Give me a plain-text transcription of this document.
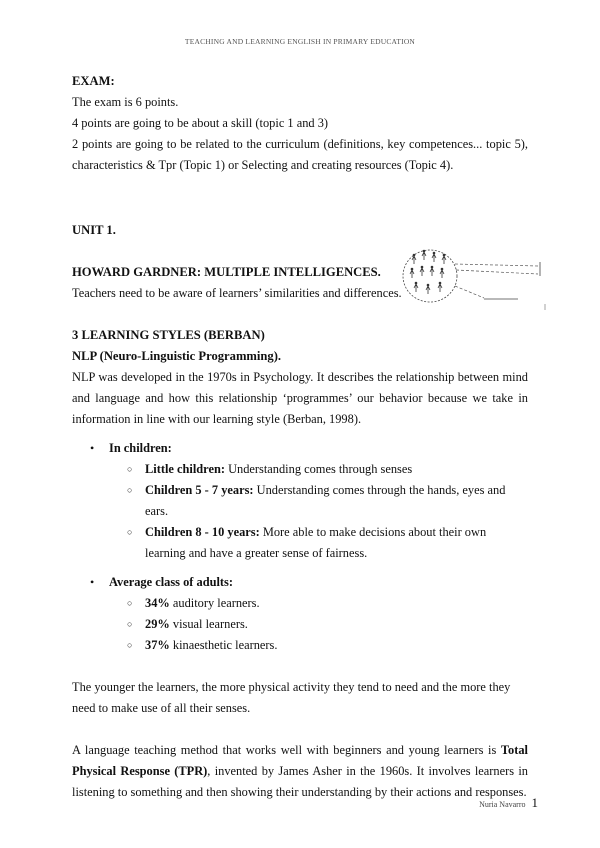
TEACHING AND LEARNING ENGLISH IN PRIMARY EDUCATION

EXAM:

The exam is 6 points.

4 points are going to be about a skill (topic 1 and 3)

2 points are going to be related to the curriculum (definitions, key competences... topic 5), characteristics & Tpr (Topic 1) or Selecting and creating resources (Topic 4).

UNIT 1.

HOWARD GARDNER: MULTIPLE INTELLIGENCES.

Teachers need to be aware of learners’ similarities and differences.

3 LEARNING STYLES (BERBAN)

NLP (Neuro-Linguistic Programming).

NLP was developed in the 1970s in Psychology. It describes the relationship between mind and language and how this relationship ‘programmes’ our behavior because we take in information in line with our learning style (Berban, 1998).

• In children:
○ Little children: Understanding comes through senses
○ Children 5 - 7 years: Understanding comes through the hands, eyes and ears.
○ Children 8 - 10 years: More able to make decisions about their own learning and have a greater sense of fairness.
• Average class of adults:
○ 34% auditory learners.
○ 29% visual learners.
○ 37% kinaesthetic learners.

The younger the learners, the more physical activity they tend to need and the more they need to make use of all their senses.

A language teaching method that works well with beginners and young learners is Total Physical Response (TPR), invented by James Asher in the 1960s. It involves learners in listening to something and then showing their understanding by their actions and responses.

Nuria Navarro 1
